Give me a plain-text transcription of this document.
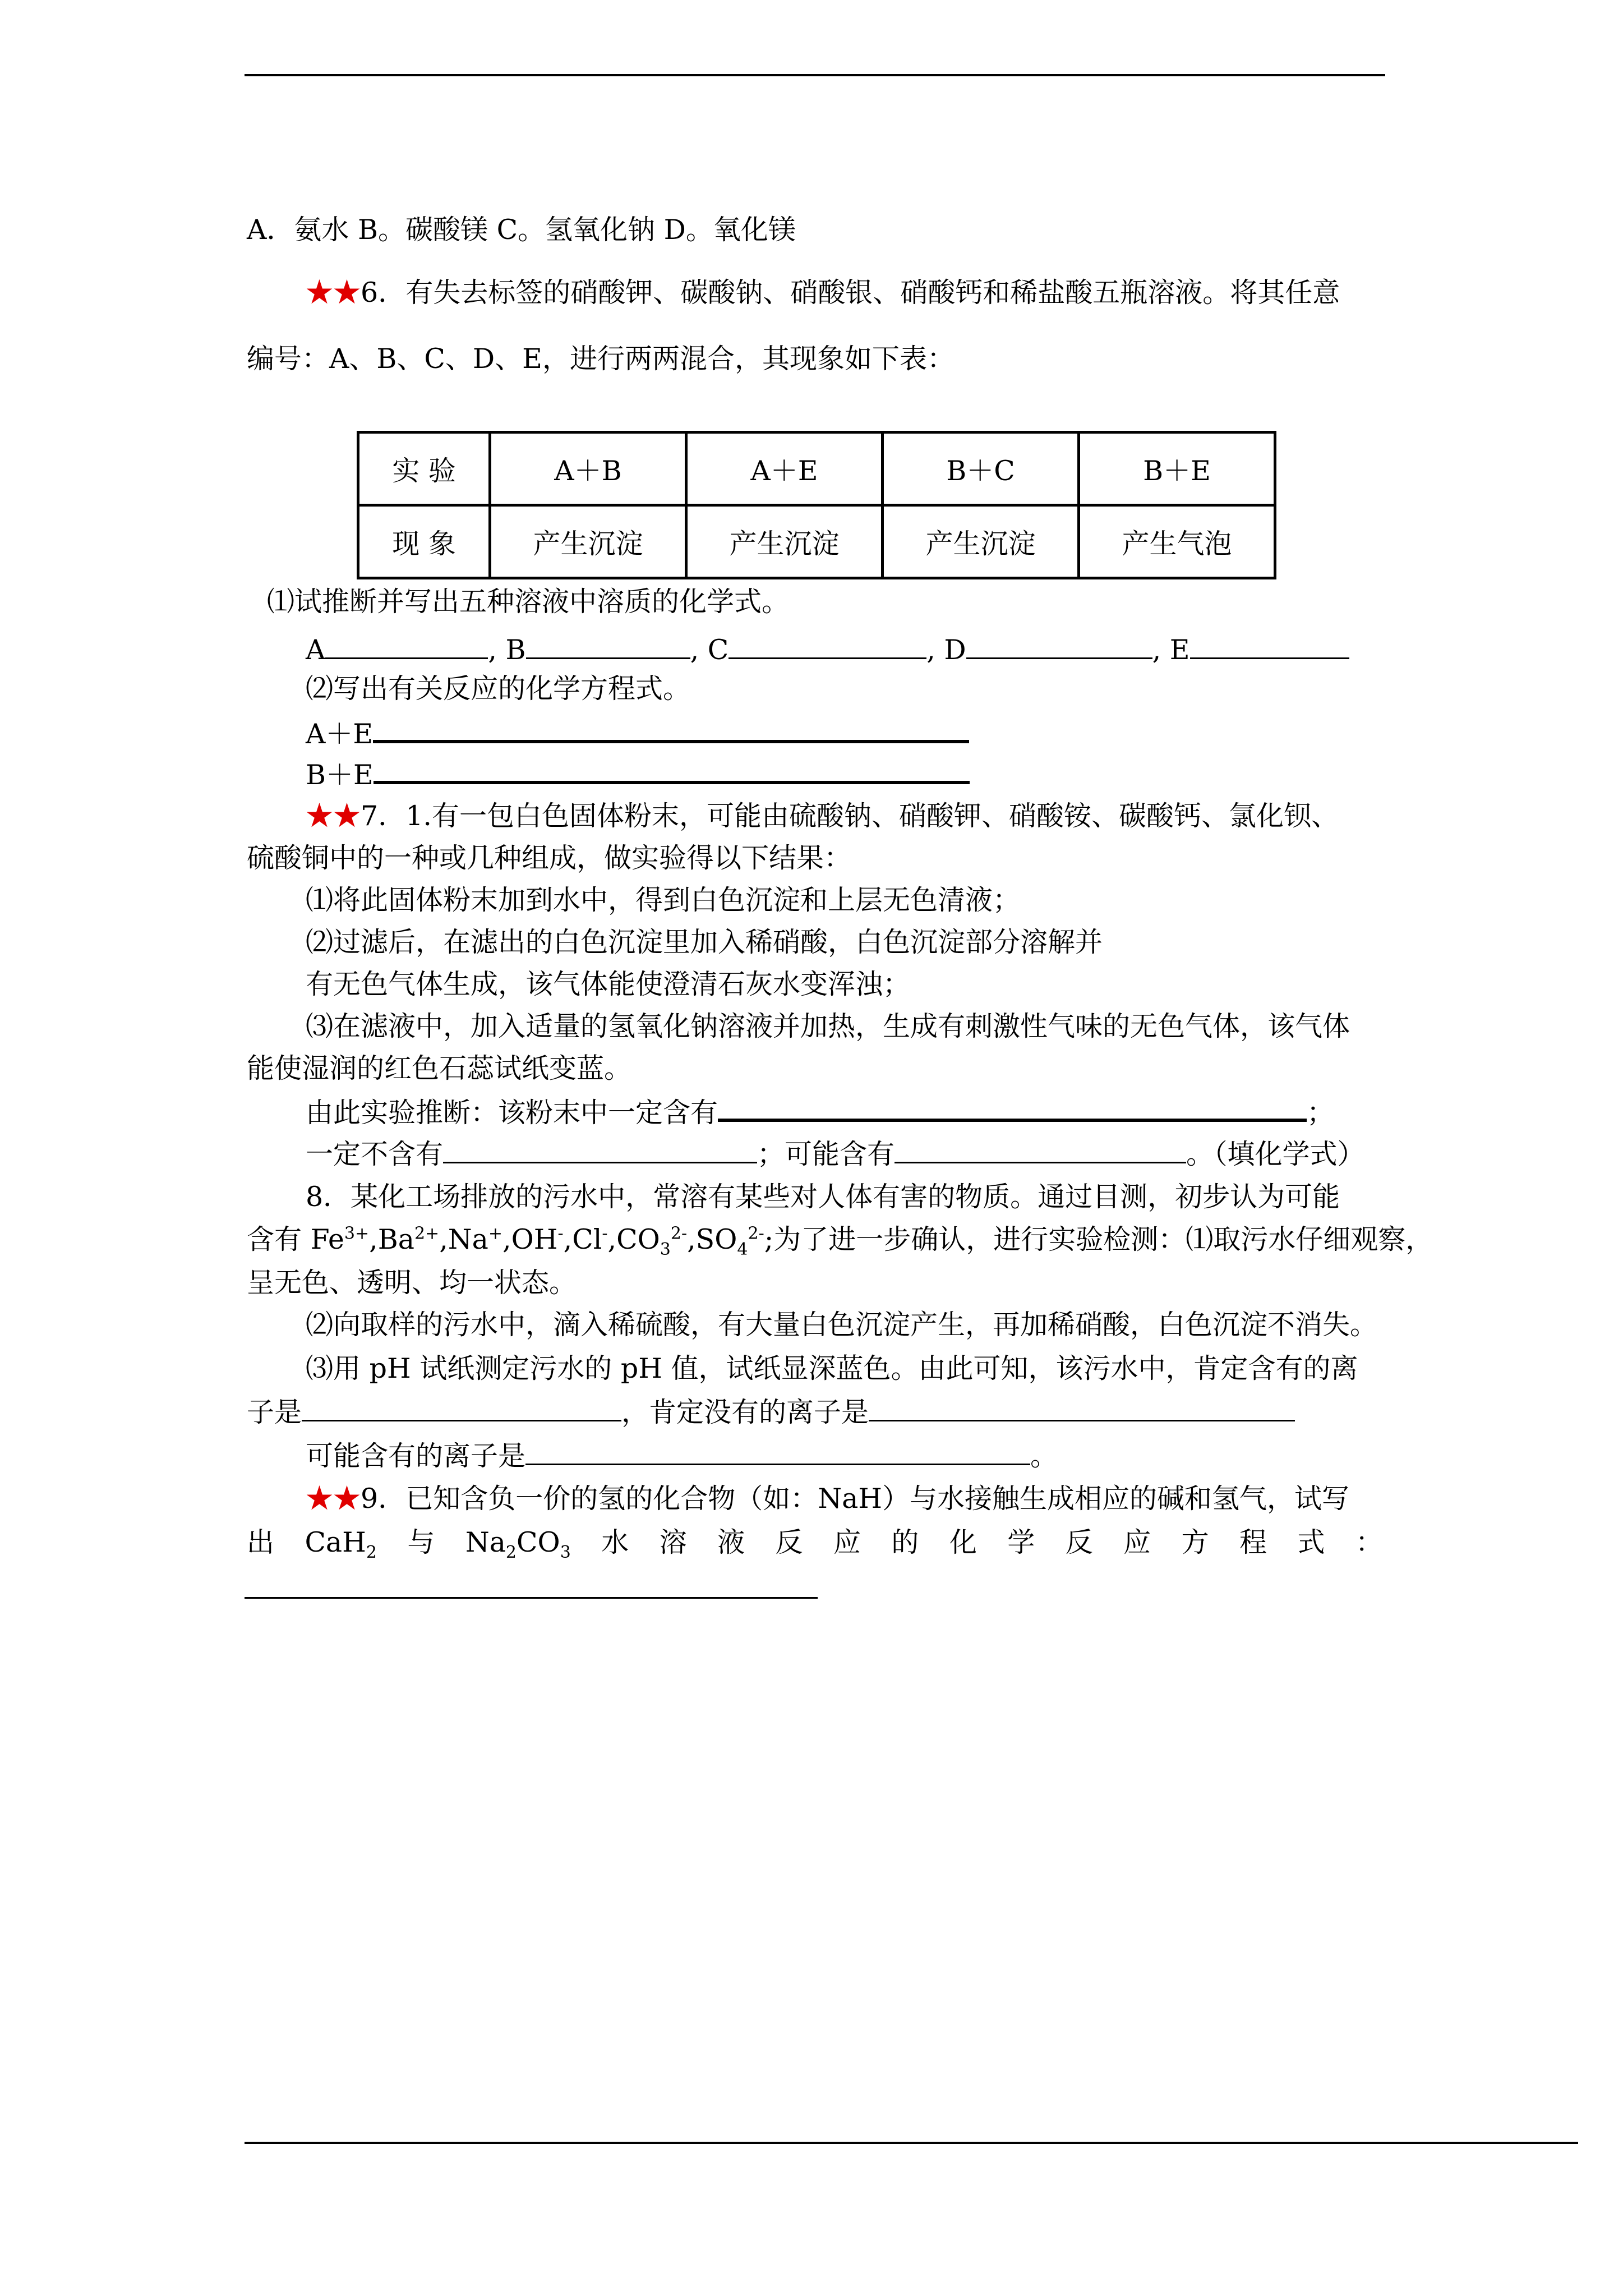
A．氨水 B。碳酸镁 C。氢氧化钠 D。氧化镁
★★6．有失去标签的硝酸钾、碳酸钠、硝酸银、硝酸钙和稀盐酸五瓶溶液。将其任意
编号：A、B、C、D、E，进行两两混合，其现象如下表：
实 验	A＋B	A＋E	B＋C	B＋E
现 象	产生沉淀	产生沉淀	产生沉淀	产生气泡
⑴试推断并写出五种溶液中溶质的化学式。
A	, B	, C	, D	, E
⑵写出有关反应的化学方程式。
A＋E
B＋E
★★7．1.有一包白色固体粉末，可能由硫酸钠、硝酸钾、硝酸铵、碳酸钙、氯化钡、
硫酸铜中的一种或几种组成，做实验得以下结果：
⑴将此固体粉末加到水中，得到白色沉淀和上层无色清液；
⑵过滤后，在滤出的白色沉淀里加入稀硝酸，白色沉淀部分溶解并
有无色气体生成，该气体能使澄清石灰水变浑浊；
⑶在滤液中，加入适量的氢氧化钠溶液并加热，生成有刺激性气味的无色气体，该气体
能使湿润的红色石蕊试纸变蓝。
由此实验推断：该粉末中一定含有	；
一定不含有	；可能含有	。（填化学式）
8．某化工场排放的污水中，常溶有某些对人体有害的物质。通过目测，初步认为可能
含有 $Fe^{3+},Ba^{2+},Na^+,OH^-,Cl^-,CO_3^{2-},SO_4^{2-}$;为了进一步确认，进行实验检测：⑴取污水仔细观察，
呈无色、透明、均一状态。
⑵向取样的污水中，滴入稀硫酸，有大量白色沉淀产生，再加稀硝酸，白色沉淀不消失。
⑶用 pH 试纸测定污水的 pH 值，试纸显深蓝色。由此可知，该污水中，肯定含有的离
子是	，肯定没有的离子是
可能含有的离子是	。
★★9．已知含负一价的氢的化合物（如：NaH）与水接触生成相应的碱和氢气，试写
出 CaH$_2$ 与 $Na_2CO_3$ 水 溶 液 反 应 的 化 学 反 应 方 程 式 ：
